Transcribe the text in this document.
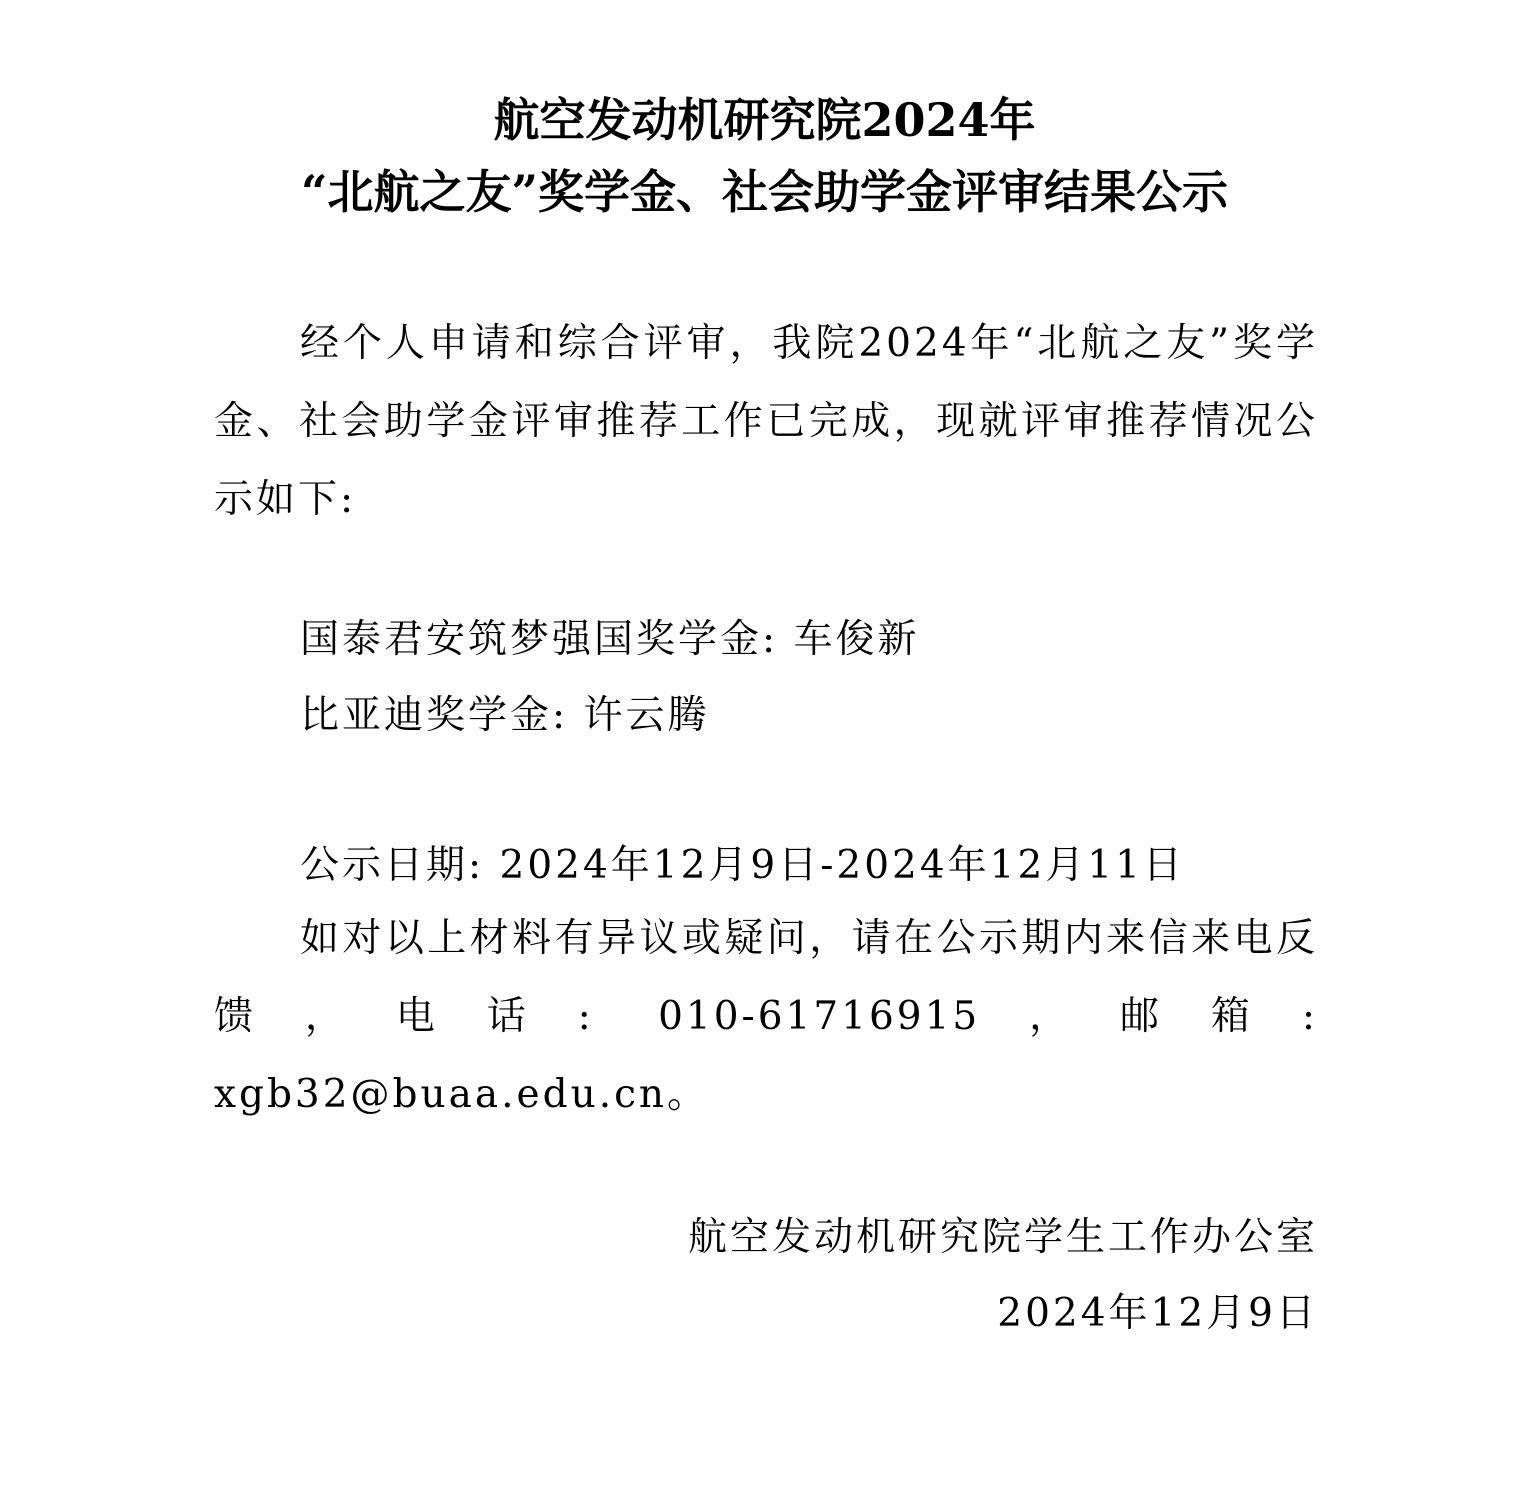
航空发动机研究院2024年
“北航之友”奖学金、社会助学金评审结果公示
经个人申请和综合评审，我院2024年“北航之友”奖学金、社会助学金评审推荐工作已完成，现就评审推荐情况公示如下:
国泰君安筑梦强国奖学金: 车俊新
比亚迪奖学金: 许云腾
公示日期: 2024年12月9日-2024年12月11日
如对以上材料有异议或疑问，请在公示期内来信来电反馈，电话: 010-61716915，邮箱: xgb32@buaa.edu.cn。
航空发动机研究院学生工作办公室
2024年12月9日
